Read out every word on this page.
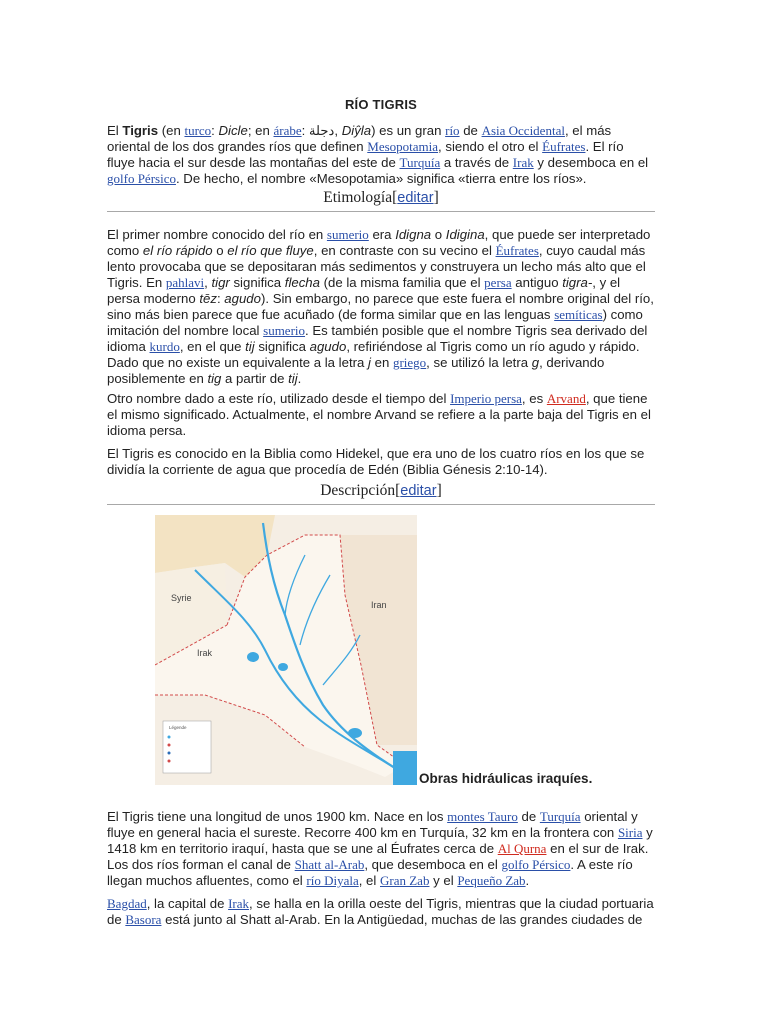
RÍO TIGRIS

El Tigris (en turco: Dicle; en árabe: دجلة, Diŷla) es un gran río de Asia Occidental, el más oriental de los dos grandes ríos que definen Mesopotamia, siendo el otro el Éufrates. El río fluye hacia el sur desde las montañas del este de Turquía a través de Irak y desemboca en el golfo Pérsico. De hecho, el nombre «Mesopotamia» significa «tierra entre los ríos».

Etimología[editar]

El primer nombre conocido del río en sumerio era Idigna o Idigina, que puede ser interpretado como el río rápido o el río que fluye, en contraste con su vecino el Éufrates, cuyo caudal más lento provocaba que se depositaran más sedimentos y construyera un lecho más alto que el Tigris. En pahlavi, tigr significa flecha (de la misma familia que el persa antiguo tigra-, y el persa moderno tēz: agudo). Sin embargo, no parece que este fuera el nombre original del río, sino más bien parece que fue acuñado (de forma similar que en las lenguas semíticas) como imitación del nombre local sumerio. Es también posible que el nombre Tigris sea derivado del idioma kurdo, en el que tij significa agudo, refiriéndose al Tigris como un río agudo y rápido. Dado que no existe un equivalente a la letra j en griego, se utilizó la letra g, derivando posiblemente en tig a partir de tij.

Otro nombre dado a este río, utilizado desde el tiempo del Imperio persa, es Arvand, que tiene el mismo significado. Actualmente, el nombre Arvand se refiere a la parte baja del Tigris en el idioma persa.

El Tigris es conocido en la Biblia como Hidekel, que era uno de los cuatro ríos en los que se dividía la corriente de agua que procedía de Edén (Biblia Génesis 2:10-14).

Descripción[editar]
Syrie
Irak
Iran
Légende
Obras hidráulicas iraquíes.

El Tigris tiene una longitud de unos 1900 km. Nace en los montes Tauro de Turquía oriental y fluye en general hacia el sureste. Recorre 400 km en Turquía, 32 km en la frontera con Siria y 1418 km en territorio iraquí, hasta que se une al Éufrates cerca de Al Qurna en el sur de Irak. Los dos ríos forman el canal de Shatt al-Arab, que desemboca en el golfo Pérsico. A este río llegan muchos afluentes, como el río Diyala, el Gran Zab y el Pequeño Zab.

Bagdad, la capital de Irak, se halla en la orilla oeste del Tigris, mientras que la ciudad portuaria de Basora está junto al Shatt al-Arab. En la Antigüedad, muchas de las grandes ciudades de
